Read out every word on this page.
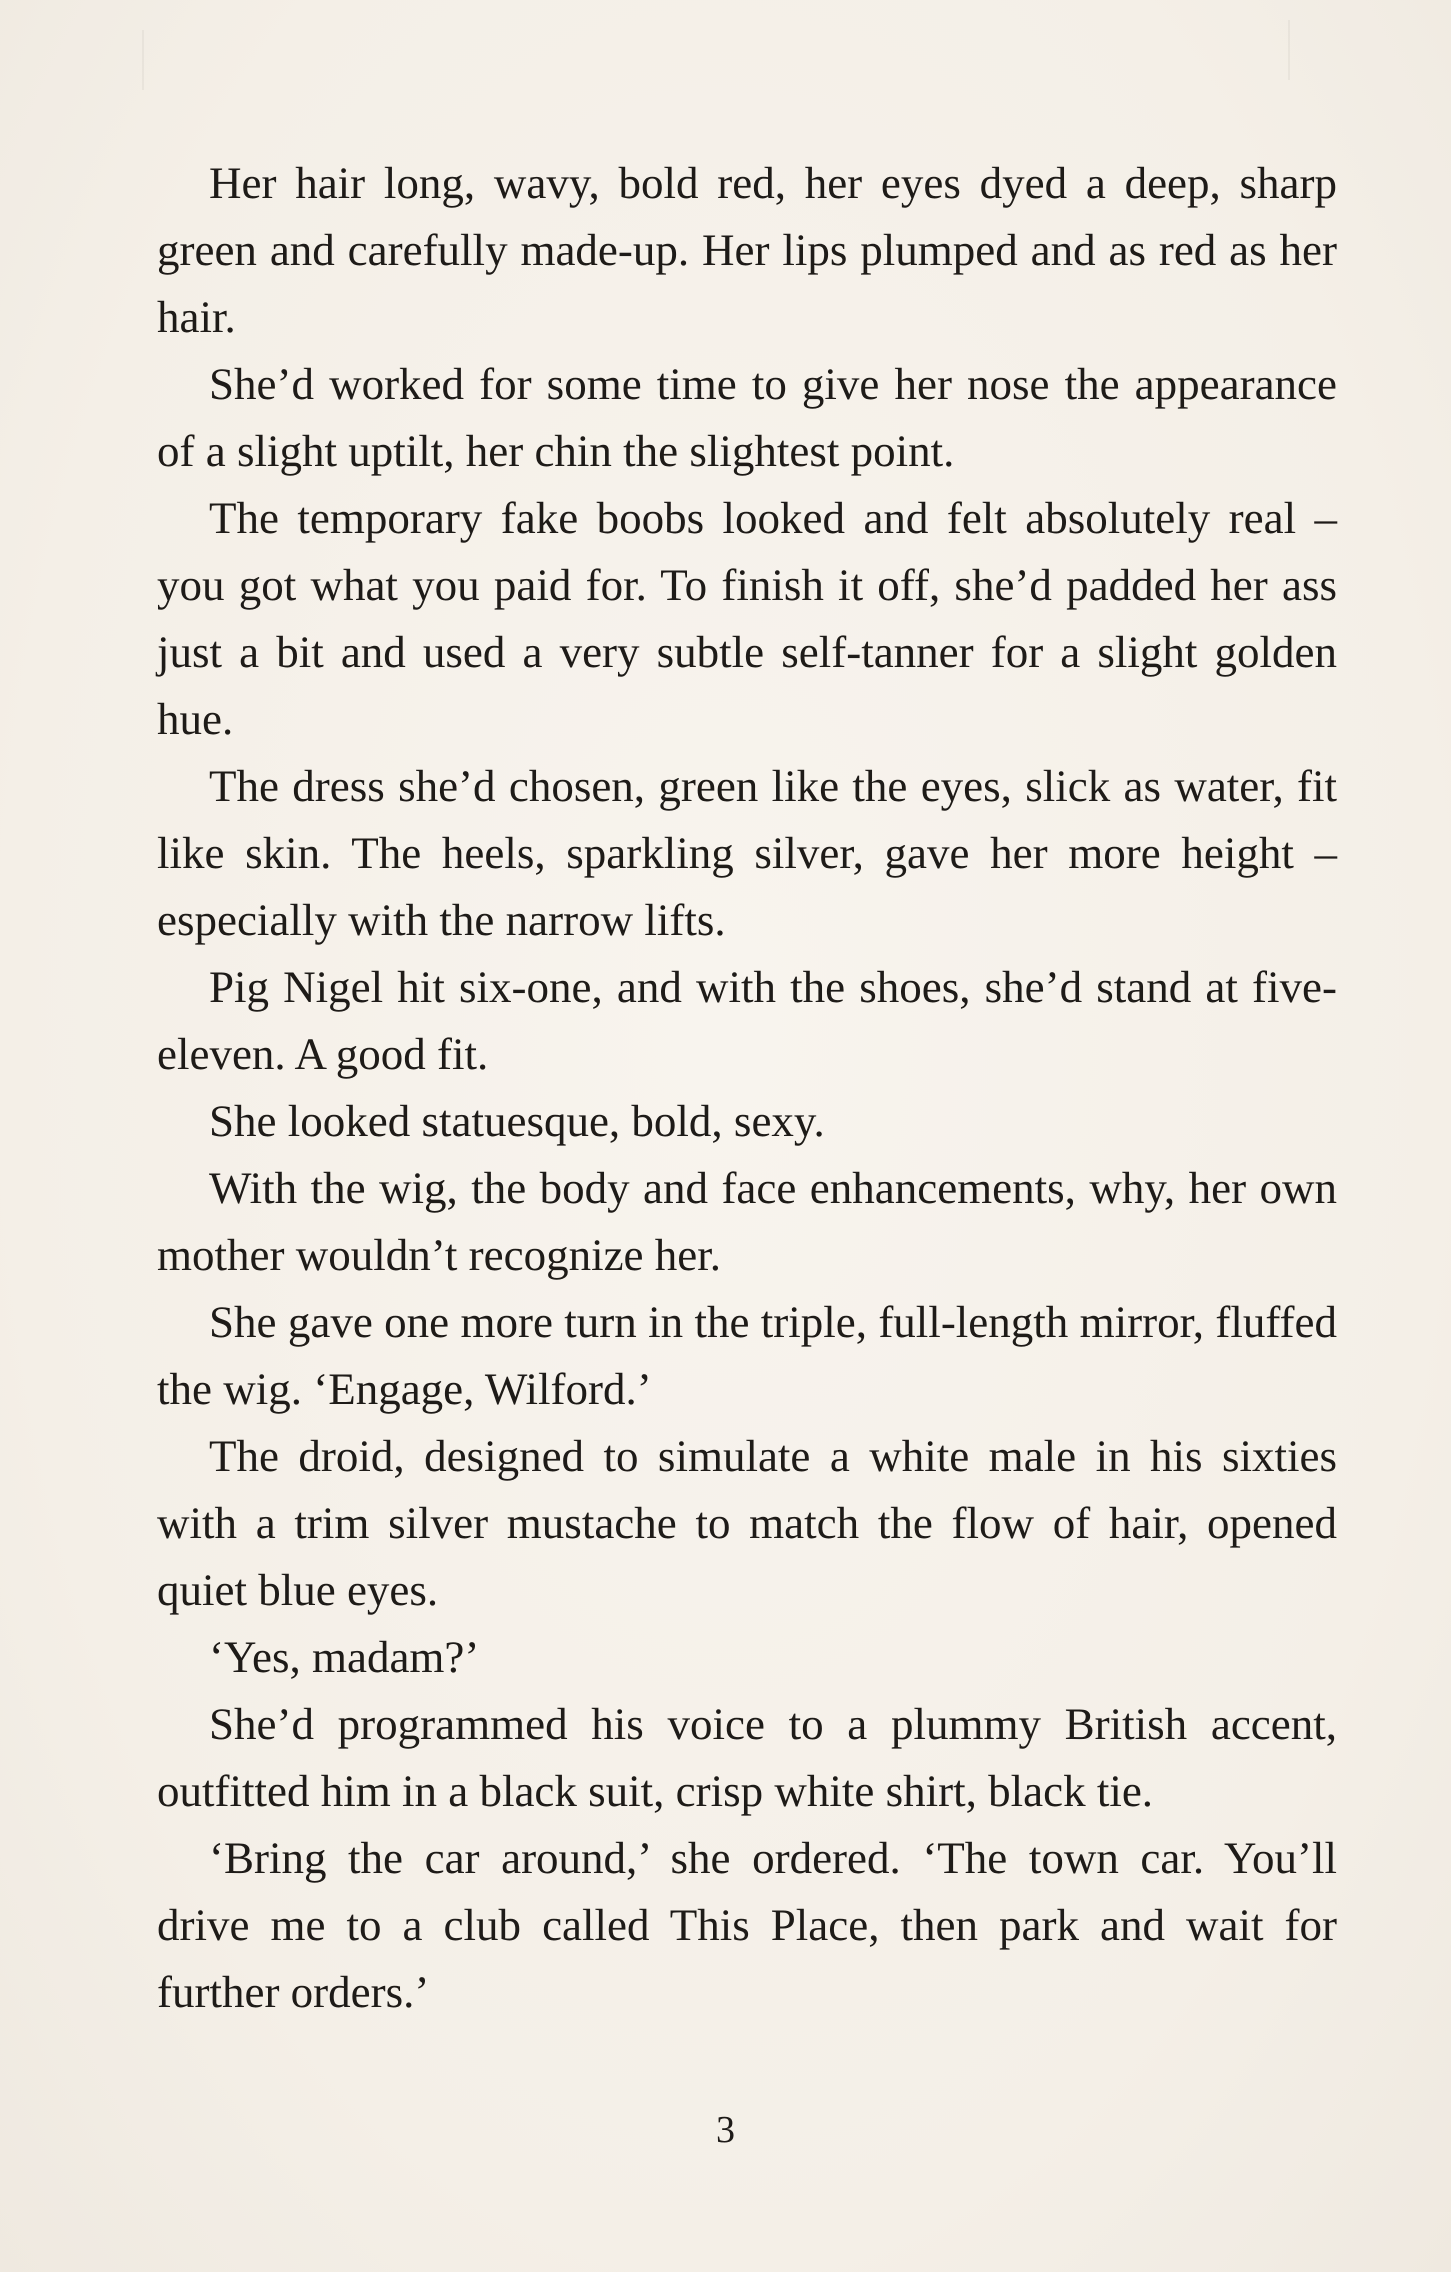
Her hair long, wavy, bold red, her eyes dyed a deep, sharp green and carefully made-up. Her lips plumped and as red as her hair.

She’d worked for some time to give her nose the appearance of a slight uptilt, her chin the slightest point.

The temporary fake boobs looked and felt absolutely real – you got what you paid for. To finish it off, she’d padded her ass just a bit and used a very subtle self-tanner for a slight golden hue.

The dress she’d chosen, green like the eyes, slick as water, fit like skin. The heels, sparkling silver, gave her more height – especially with the narrow lifts.

Pig Nigel hit six-one, and with the shoes, she’d stand at five-eleven. A good fit.

She looked statuesque, bold, sexy.

With the wig, the body and face enhancements, why, her own mother wouldn’t recognize her.

She gave one more turn in the triple, full-length mirror, fluffed the wig. ‘Engage, Wilford.’

The droid, designed to simulate a white male in his sixties with a trim silver mustache to match the flow of hair, opened quiet blue eyes.

‘Yes, madam?’

She’d programmed his voice to a plummy British accent, outfitted him in a black suit, crisp white shirt, black tie.

‘Bring the car around,’ she ordered. ‘The town car. You’ll drive me to a club called This Place, then park and wait for further orders.’

3
